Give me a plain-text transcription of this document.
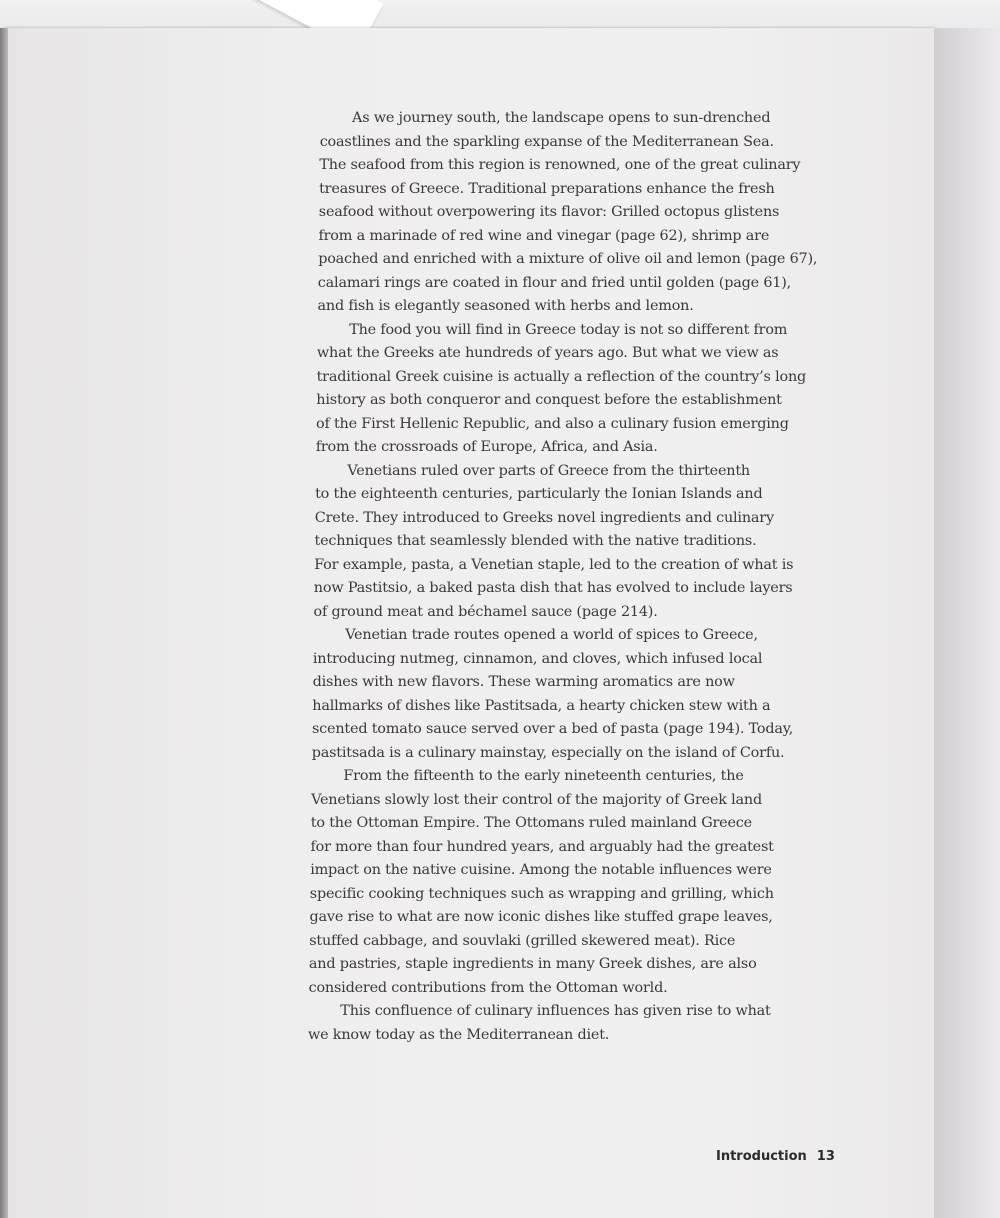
As we journey south, the landscape opens to sun-drenched
coastlines and the sparkling expanse of the Mediterranean Sea.
The seafood from this region is renowned, one of the great culinary
treasures of Greece. Traditional preparations enhance the fresh
seafood without overpowering its flavor: Grilled octopus glistens
from a marinade of red wine and vinegar (page 62), shrimp are
poached and enriched with a mixture of olive oil and lemon (page 67),
calamari rings are coated in flour and fried until golden (page 61),
and fish is elegantly seasoned with herbs and lemon.
The food you will find in Greece today is not so different from
what the Greeks ate hundreds of years ago. But what we view as
traditional Greek cuisine is actually a reflection of the country’s long
history as both conqueror and conquest before the establishment
of the First Hellenic Republic, and also a culinary fusion emerging
from the crossroads of Europe, Africa, and Asia.
Venetians ruled over parts of Greece from the thirteenth
to the eighteenth centuries, particularly the Ionian Islands and
Crete. They introduced to Greeks novel ingredients and culinary
techniques that seamlessly blended with the native traditions.
For example, pasta, a Venetian staple, led to the creation of what is
now Pastitsio, a baked pasta dish that has evolved to include layers
of ground meat and béchamel sauce (page 214).
Venetian trade routes opened a world of spices to Greece,
introducing nutmeg, cinnamon, and cloves, which infused local
dishes with new flavors. These warming aromatics are now
hallmarks of dishes like Pastitsada, a hearty chicken stew with a
scented tomato sauce served over a bed of pasta (page 194). Today,
pastitsada is a culinary mainstay, especially on the island of Corfu.
From the fifteenth to the early nineteenth centuries, the
Venetians slowly lost their control of the majority of Greek land
to the Ottoman Empire. The Ottomans ruled mainland Greece
for more than four hundred years, and arguably had the greatest
impact on the native cuisine. Among the notable influences were
specific cooking techniques such as wrapping and grilling, which
gave rise to what are now iconic dishes like stuffed grape leaves,
stuffed cabbage, and souvlaki (grilled skewered meat). Rice
and pastries, staple ingredients in many Greek dishes, are also
considered contributions from the Ottoman world.
This confluence of culinary influences has given rise to what
we know today as the Mediterranean diet.
Introduction 13
